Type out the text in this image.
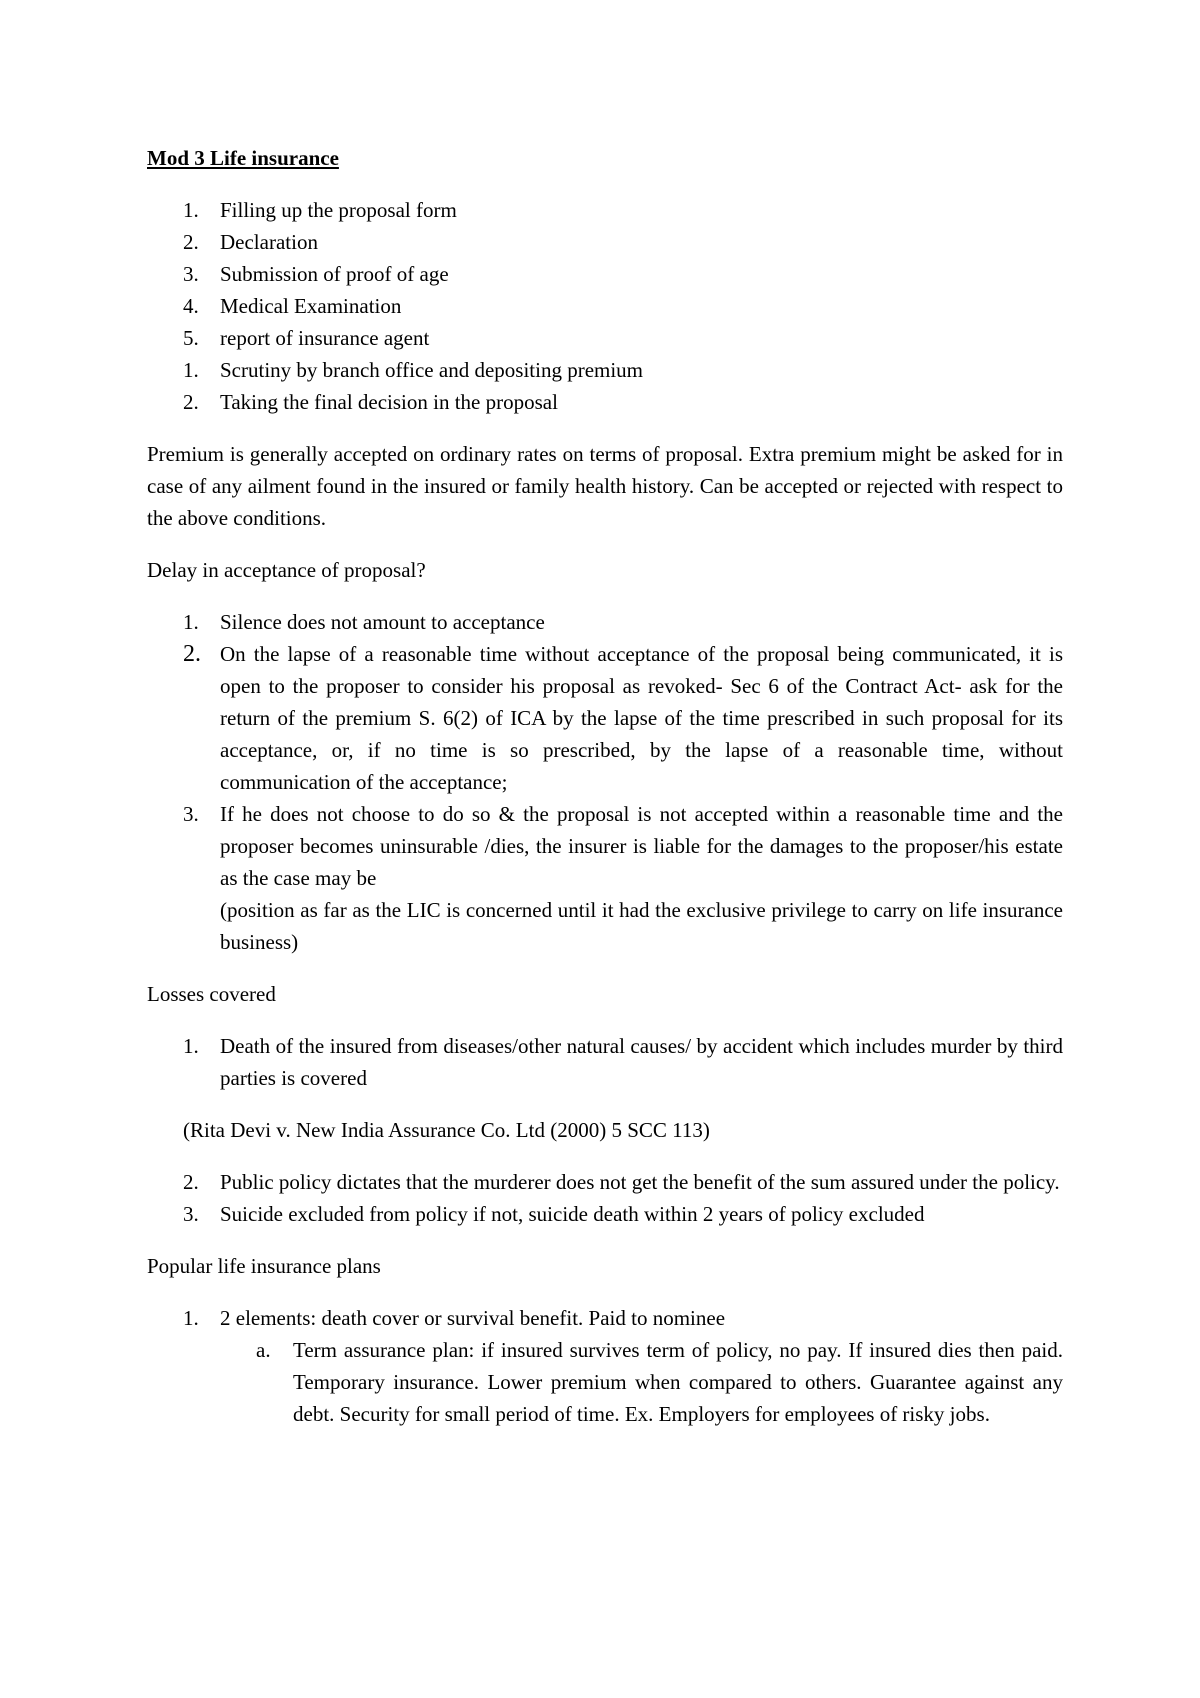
Mod 3 Life insurance
1. Filling up the proposal form
2. Declaration
3. Submission of proof of age
4. Medical Examination
5. report of insurance agent
1. Scrutiny by branch office and depositing premium
2. Taking the final decision in the proposal
Premium is generally accepted on ordinary rates on terms of proposal. Extra premium might be asked for in case of any ailment found in the insured or family health history. Can be accepted or rejected with respect to the above conditions.
Delay in acceptance of proposal?
1. Silence does not amount to acceptance
2. On the lapse of a reasonable time without acceptance of the proposal being communicated, it is open to the proposer to consider his proposal as revoked- Sec 6 of the Contract Act- ask for the return of the premium S. 6(2) of ICA by the lapse of the time prescribed in such proposal for its acceptance, or, if no time is so prescribed, by the lapse of a reasonable time, without communication of the acceptance;
3. If he does not choose to do so & the proposal is not accepted within a reasonable time and the proposer becomes uninsurable /dies, the insurer is liable for the damages to the proposer/his estate as the case may be
(position as far as the LIC is concerned until it had the exclusive privilege to carry on life insurance business)
Losses covered
1. Death of the insured from diseases/other natural causes/ by accident which includes murder by third parties is covered
(Rita Devi v. New India Assurance Co. Ltd (2000) 5 SCC 113)
2. Public policy dictates that the murderer does not get the benefit of the sum assured under the policy.
3. Suicide excluded from policy if not, suicide death within 2 years of policy excluded
Popular life insurance plans
1. 2 elements: death cover or survival benefit. Paid to nominee
a. Term assurance plan: if insured survives term of policy, no pay. If insured dies then paid. Temporary insurance. Lower premium when compared to others. Guarantee against any debt. Security for small period of time. Ex. Employers for employees of risky jobs.
